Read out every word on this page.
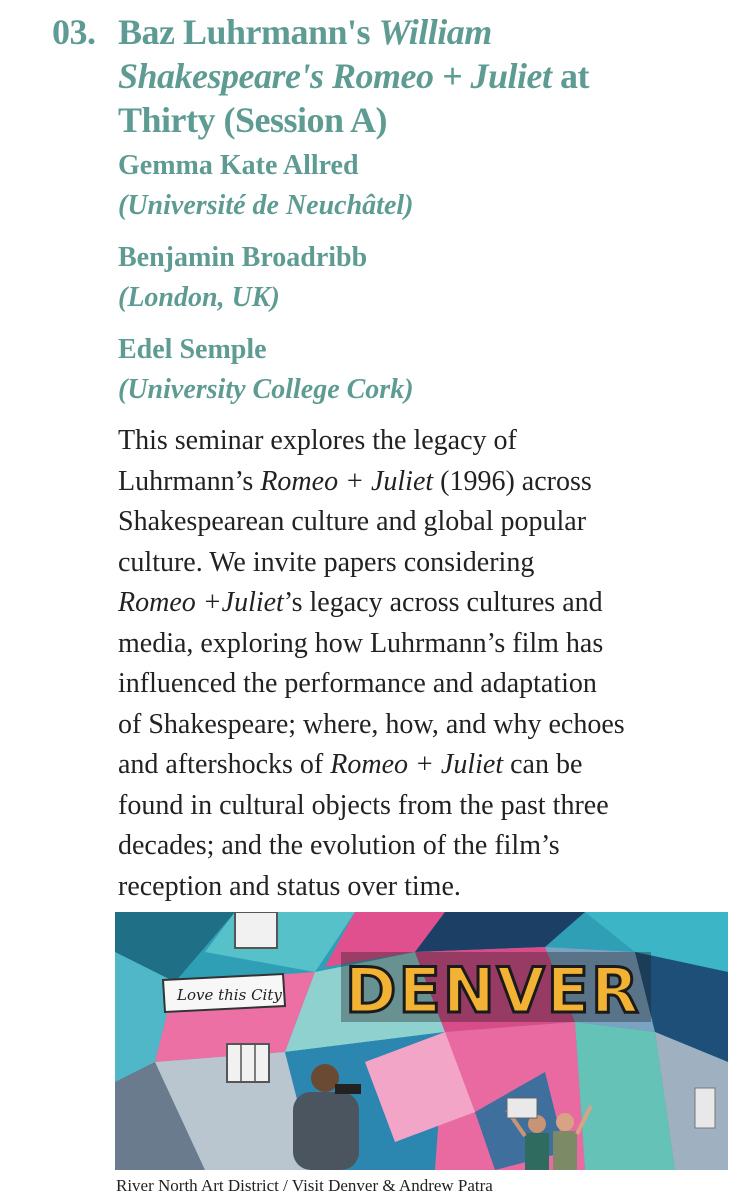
03. Baz Luhrmann's William
Shakespeare's Romeo + Juliet at
Thirty (Session A)
Gemma Kate Allred
(Université de Neuchâtel)
Benjamin Broadribb
(London, UK)
Edel Semple
(University College Cork)
This seminar explores the legacy of
Luhrmann’s Romeo + Juliet (1996) across
Shakespearean culture and global popular
culture. We invite papers considering
Romeo +Juliet’s legacy across cultures and
media, exploring how Luhrmann’s film has
influenced the performance and adaptation
of Shakespeare; where, how, and why echoes
and aftershocks of Romeo + Juliet can be
found in cultural objects from the past three
decades; and the evolution of the film’s
reception and status over time.
Love this City DENVER
River North Art District / Visit Denver & Andrew Patra
